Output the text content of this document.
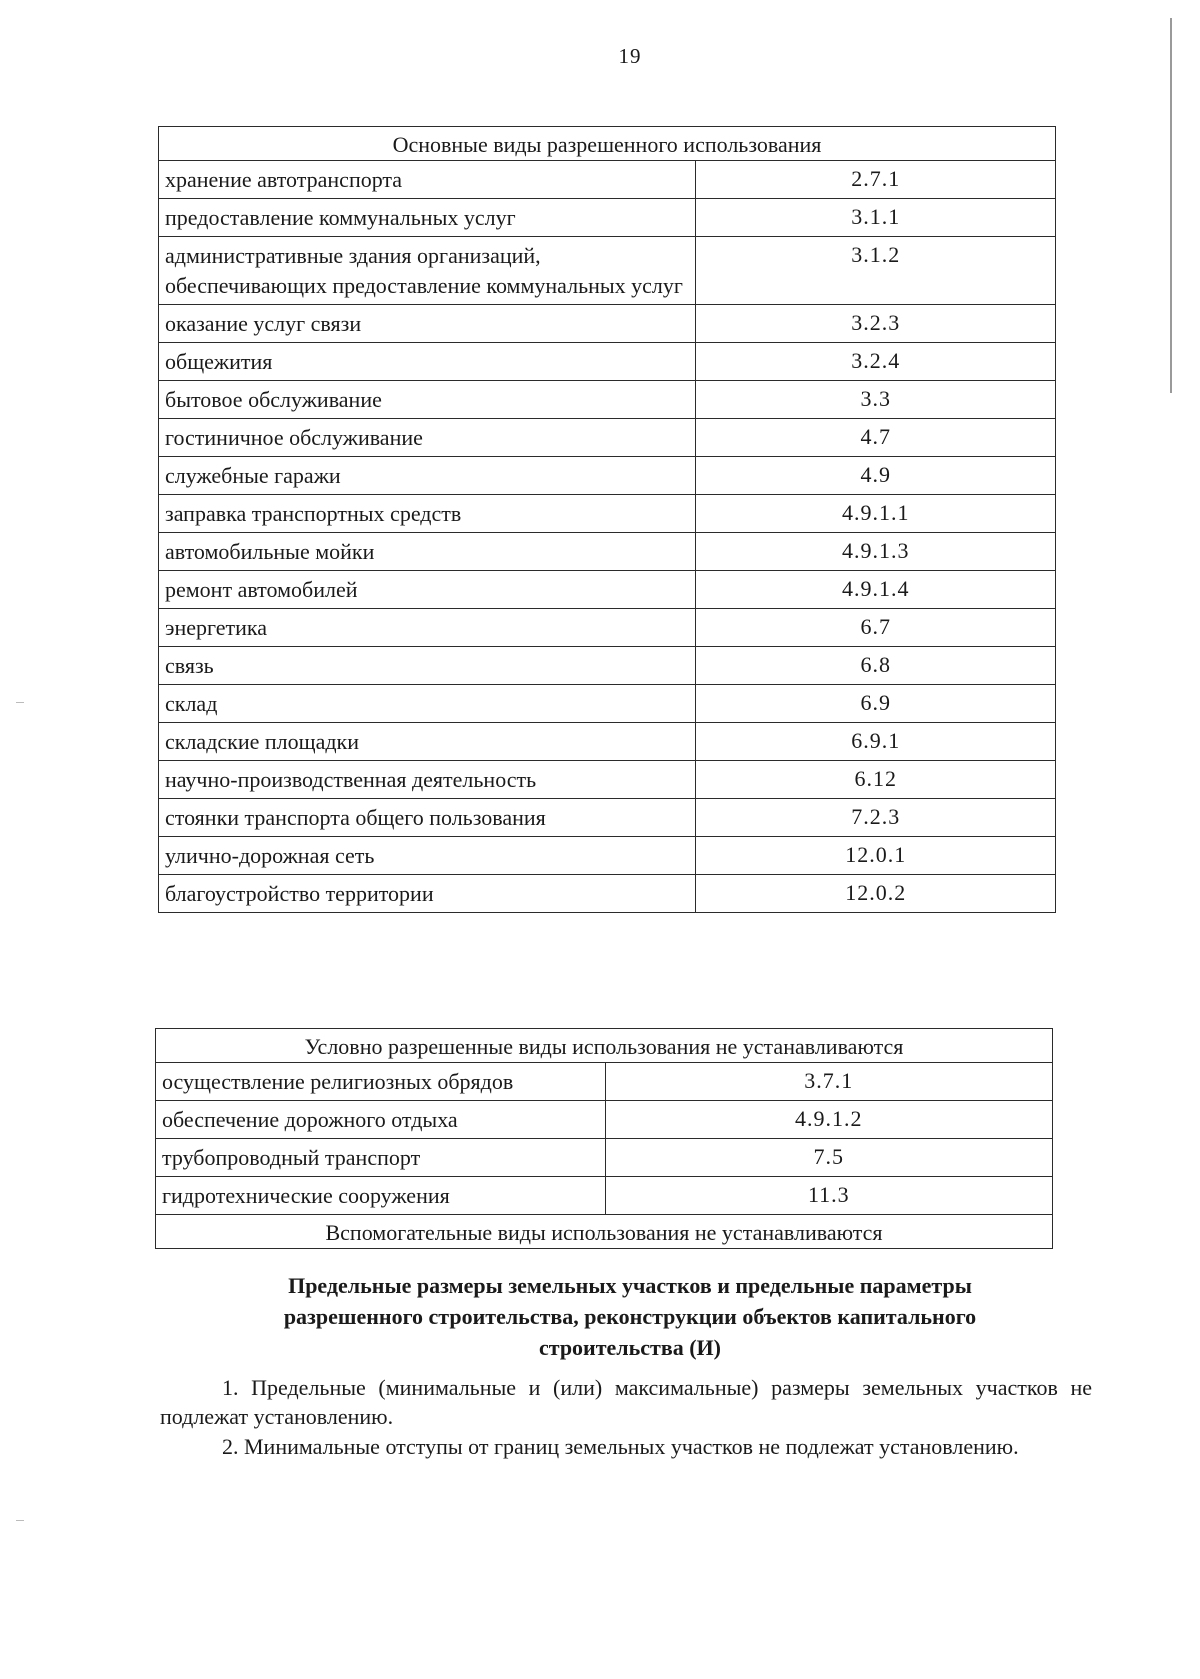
19
Основные виды разрешенного использования	
хранение автотранспорта	2.7.1
предоставление коммунальных услуг	3.1.1
административные здания организаций, обеспечивающих предоставление коммунальных услуг	3.1.2
оказание услуг связи	3.2.3
общежития	3.2.4
бытовое обслуживание	3.3
гостиничное обслуживание	4.7
служебные гаражи	4.9
заправка транспортных средств	4.9.1.1
автомобильные мойки	4.9.1.3
ремонт автомобилей	4.9.1.4
энергетика	6.7
связь	6.8
склад	6.9
складские площадки	6.9.1
научно-производственная деятельность	6.12
стоянки транспорта общего пользования	7.2.3
улично-дорожная сеть	12.0.1
благоустройство территории	12.0.2
Условно разрешенные виды использования не устанавливаются	
осуществление религиозных обрядов	3.7.1
обеспечение дорожного отдыха	4.9.1.2
трубопроводный транспорт	7.5
гидротехнические сооружения	11.3
Вспомогательные виды использования не устанавливаются	
Предельные размеры земельных участков и предельные параметры
разрешенного строительства, реконструкции объектов капитального
строительства (И)
1. Предельные (минимальные и (или) максимальные) размеры земельных участков не подлежат установлению.
2. Минимальные отступы от границ земельных участков не подлежат установлению.
